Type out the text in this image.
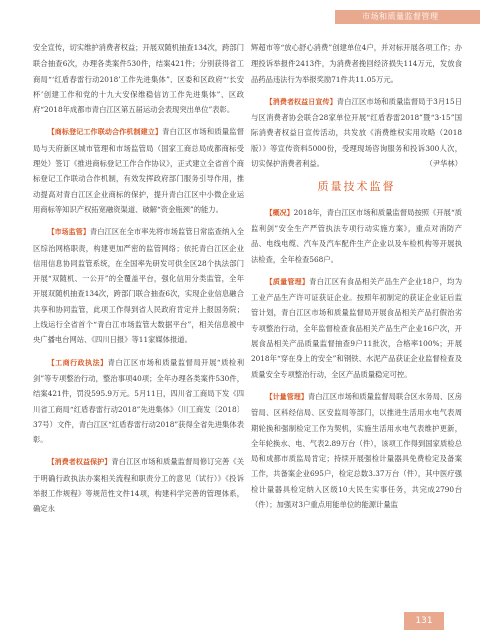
市场和质量监督管理

安全宣传，切实维护消费者权益；开展双随机抽查134次，跨部门联合抽查6次，办理各类案件530件，结案421件；分别获得省工商局“‘红盾春雷行动2018’工作先进集体”、区委和区政府“‘长安杯’创建工作和党的十九大安保维稳信访工作先进集体”、区政府“2018年成都市青白江区第五届运动会表现突出单位”表彰。

【商标登记工作联动合作机制建立】青白江区市场和质量监督局与天府新区城市管理和市场监管局（国家工商总局成都商标受理处）签订《推进商标登记工作合作协议》，正式建立全省首个商标登记工作联动合作机制，有效发挥政府部门服务引导作用，推动提高对青白江区企业商标的保护，提升青白江区中小微企业运用商标等知识产权拓宽融资渠道、破解“资金瓶颈”的能力。

【市场监管】青白江区在全市率先将市场监管日常监查纳入全区综治网格职责，构建更加严密的监管网络；依托青白江区企业信用信息协同监管系统，在全国率先研发可供全区28个执法部门开展“双随机、一公开”的全覆盖平台，强化信用分类监管，全年开展双随机抽查134次，跨部门联合抽查6次，实现企业信息融合共享和协同监管，此项工作得到省人民政府肯定并上报国务院；上线运行全省首个“青白江市场监管大数据平台”，相关信息被中央广播电台网站、《四川日报》等11家媒体报道。

【工商行政执法】青白江区市场和质量监督局开展“质检利剑”等专项整治行动，整治事项40项；全年办理各类案件530件，结案421件，罚没595.9万元。5月11日，四川省工商局下发《四川省工商局“红盾春雷行动2018”先进集体》（川工商发〔2018〕37号）文件，青白江区“红盾春雷行动2018”获得全省先进集体表彰。

【消费者权益保护】青白江区市场和质量监督局修订完善《关于明确行政执法办案相关流程和职责分工的意见（试行）》《投诉举报工作规程》等规范性文件14项，构建科学完善的管理体系，确定永

辉超市等“放心舒心消费”创建单位4户，并对标开展各项工作；办理投诉举报件2413件，为消费者挽回经济损失114万元，发放食品药品违法行为举报奖励71件共11.05万元。

【消费者权益日宣传】青白江区市场和质量监督局于3月15日与区消费者协会联合28家单位开展“红盾春雷2018”暨“3·15”国际消费者权益日宣传活动，共发放《消费维权实用攻略（2018版）》等宣传资料5000份，受理现场咨询服务和投诉300人次，切实保护消费者利益。	（尹华林）

质量技术监督

【概况】2018年，青白江区市场和质量监督局按照《开展“质监利剑”安全生产严管执法专项行动实施方案》，重点对消防产品、电线电缆、汽车及汽车配件生产企业以及车检机构等开展执法检查，全年检查568户。

【质量管理】青白江区有食品相关产品生产企业18户，均为工业产品生产许可证获证企业。按照年初制定的获证企业证后监管计划，青白江区市场和质量监督局开展食品相关产品打假治劣专项整治行动，全年监督检查食品相关产品生产企业16户次，开展食品相关产品质量监督抽查9户11批次，合格率100%；开展2018年“穿在身上的安全”和钢铁、水泥产品获证企业监督检查及质量安全专项整治行动，全区产品质量稳定可控。

【计量管理】青白江区市场和质量监督局联合区水务局、区房管局、区科经信局、区安监局等部门，以推进生活用水电气表周期轮换和强制检定工作为契机，实施生活用水电气表维护更新，全年轮换水、电、气表2.89万台（件），该项工作得到国家质检总局和成都市质监局肯定；持续开展强检计量器具免费检定及备案工作，共备案企业695户，检定总数3.37万台（件），其中医疗强检计量器具检定纳入区级10大民生实事任务，共完成2790台（件）；加强对3户重点用能单位的能源计量监

131
